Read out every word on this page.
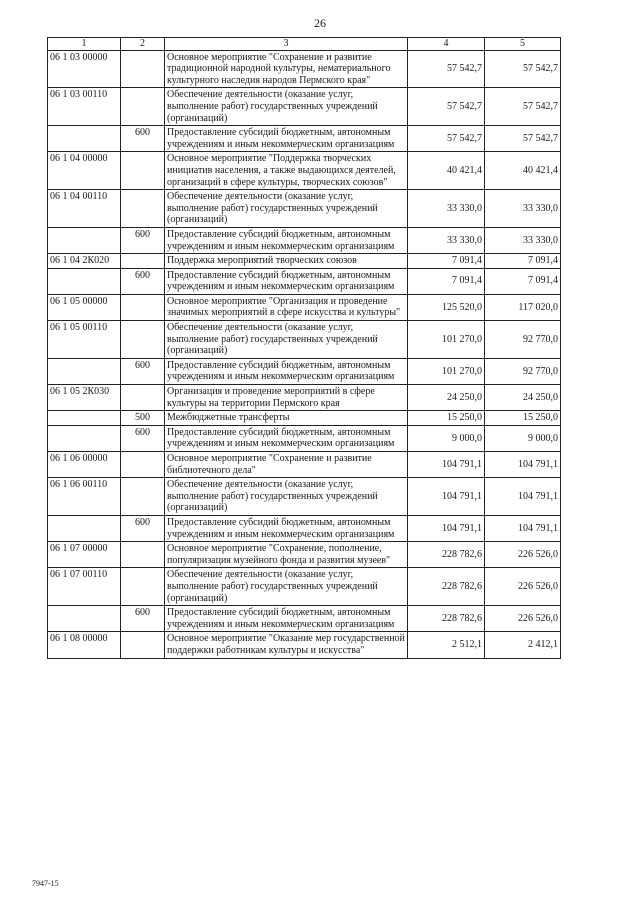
26
1	2	3	4	5
06 1 03 00000		Основное мероприятие "Сохранение и развитие традиционной народной культуры, нематериального культурного наследия народов Пермского края"	57 542,7	57 542,7
06 1 03 00110		Обеспечение деятельности (оказание услуг, выполнение работ) государственных учреждений (организаций)	57 542,7	57 542,7
	600	Предоставление субсидий бюджетным, автономным учреждениям и иным некоммерческим организациям	57 542,7	57 542,7
06 1 04 00000		Основное мероприятие "Поддержка творческих инициатив населения, а также выдающихся деятелей, организаций в сфере культуры, творческих союзов"	40 421,4	40 421,4
06 1 04 00110		Обеспечение деятельности (оказание услуг, выполнение работ) государственных учреждений (организаций)	33 330,0	33 330,0
	600	Предоставление субсидий бюджетным, автономным учреждениям и иным некоммерческим организациям	33 330,0	33 330,0
06 1 04 2К020		Поддержка мероприятий творческих союзов	7 091,4	7 091,4
	600	Предоставление субсидий бюджетным, автономным учреждениям и иным некоммерческим организациям	7 091,4	7 091,4
06 1 05 00000		Основное мероприятие "Организация и проведение значимых мероприятий в сфере искусства и культуры"	125 520,0	117 020,0
06 1 05 00110		Обеспечение деятельности (оказание услуг, выполнение работ) государственных учреждений (организаций)	101 270,0	92 770,0
	600	Предоставление субсидий бюджетным, автономным учреждениям и иным некоммерческим организациям	101 270,0	92 770,0
06 1 05 2К030		Организация и проведение мероприятий в сфере культуры на территории Пермского края	24 250,0	24 250,0
	500	Межбюджетные трансферты	15 250,0	15 250,0
	600	Предоставление субсидий бюджетным, автономным учреждениям и иным некоммерческим организациям	9 000,0	9 000,0
06 1 06 00000		Основное мероприятие "Сохранение и развитие библиотечного дела"	104 791,1	104 791,1
06 1 06 00110		Обеспечение деятельности (оказание услуг, выполнение работ) государственных учреждений (организаций)	104 791,1	104 791,1
	600	Предоставление субсидий бюджетным, автономным учреждениям и иным некоммерческим организациям	104 791,1	104 791,1
06 1 07 00000		Основное мероприятие "Сохранение, пополнение, популяризация музейного фонда и развития музеев"	228 782,6	226 526,0
06 1 07 00110		Обеспечение деятельности (оказание услуг, выполнение работ) государственных учреждений (организаций)	228 782,6	226 526,0
	600	Предоставление субсидий бюджетным, автономным учреждениям и иным некоммерческим организациям	228 782,6	226 526,0
06 1 08 00000		Основное мероприятие "Оказание мер государственной поддержки работникам культуры и искусства"	2 512,1	2 412,1
7947-15
